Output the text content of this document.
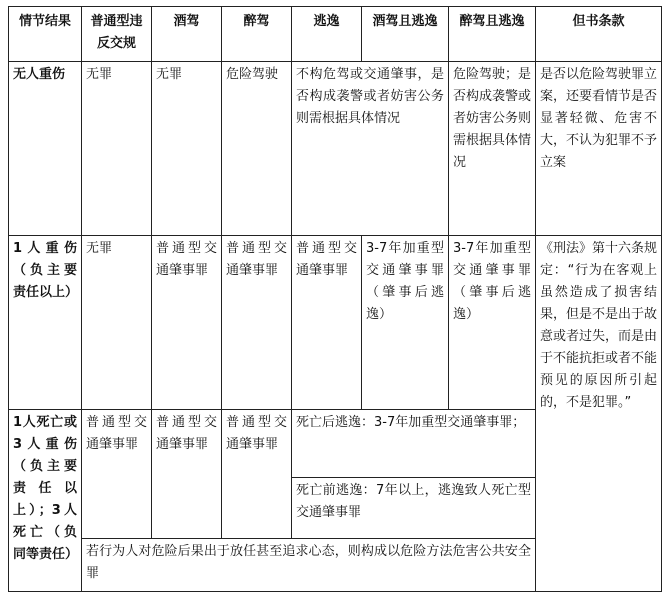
情节结果	普通型违反交规	酒驾	醉驾	逃逸	酒驾且逃逸	醉驾且逃逸	但书条款
无人重伤	无罪	无罪	危险驾驶	不构危驾或交通肇事，是否构成袭警或者妨害公务则需根据具体情况		危险驾驶；是否构成袭警或者妨害公务则需根据具体情况	是否以危险驾驶罪立案，还要看情节是否显著轻微、危害不大，不认为犯罪不予立案
1人重伤（负主要责任以上）	无罪	普通型交通肇事罪	普通型交通肇事罪	普通型交通肇事罪	3-7年加重型交通肇事罪（肇事后逃逸）	3-7年加重型交通肇事罪（肇事后逃逸）	《刑法》第十六条规定：“行为在客观上虽然造成了损害结果，但是不是出于故意或者过失，而是由于不能抗拒或者不能预见的原因所引起的，不是犯罪。”
1人死亡或3人重伤（负主要责任以上）；3人死亡（负同等责任）	普通型交通肇事罪	普通型交通肇事罪	普通型交通肇事罪	死亡后逃逸：3-7年加重型交通肇事罪；			
				死亡前逃逸：7年以上，逃逸致人死亡型交通肇事罪			
	若行为人对危险后果出于放任甚至追求心态，则构成以危险方法危害公共安全罪						
